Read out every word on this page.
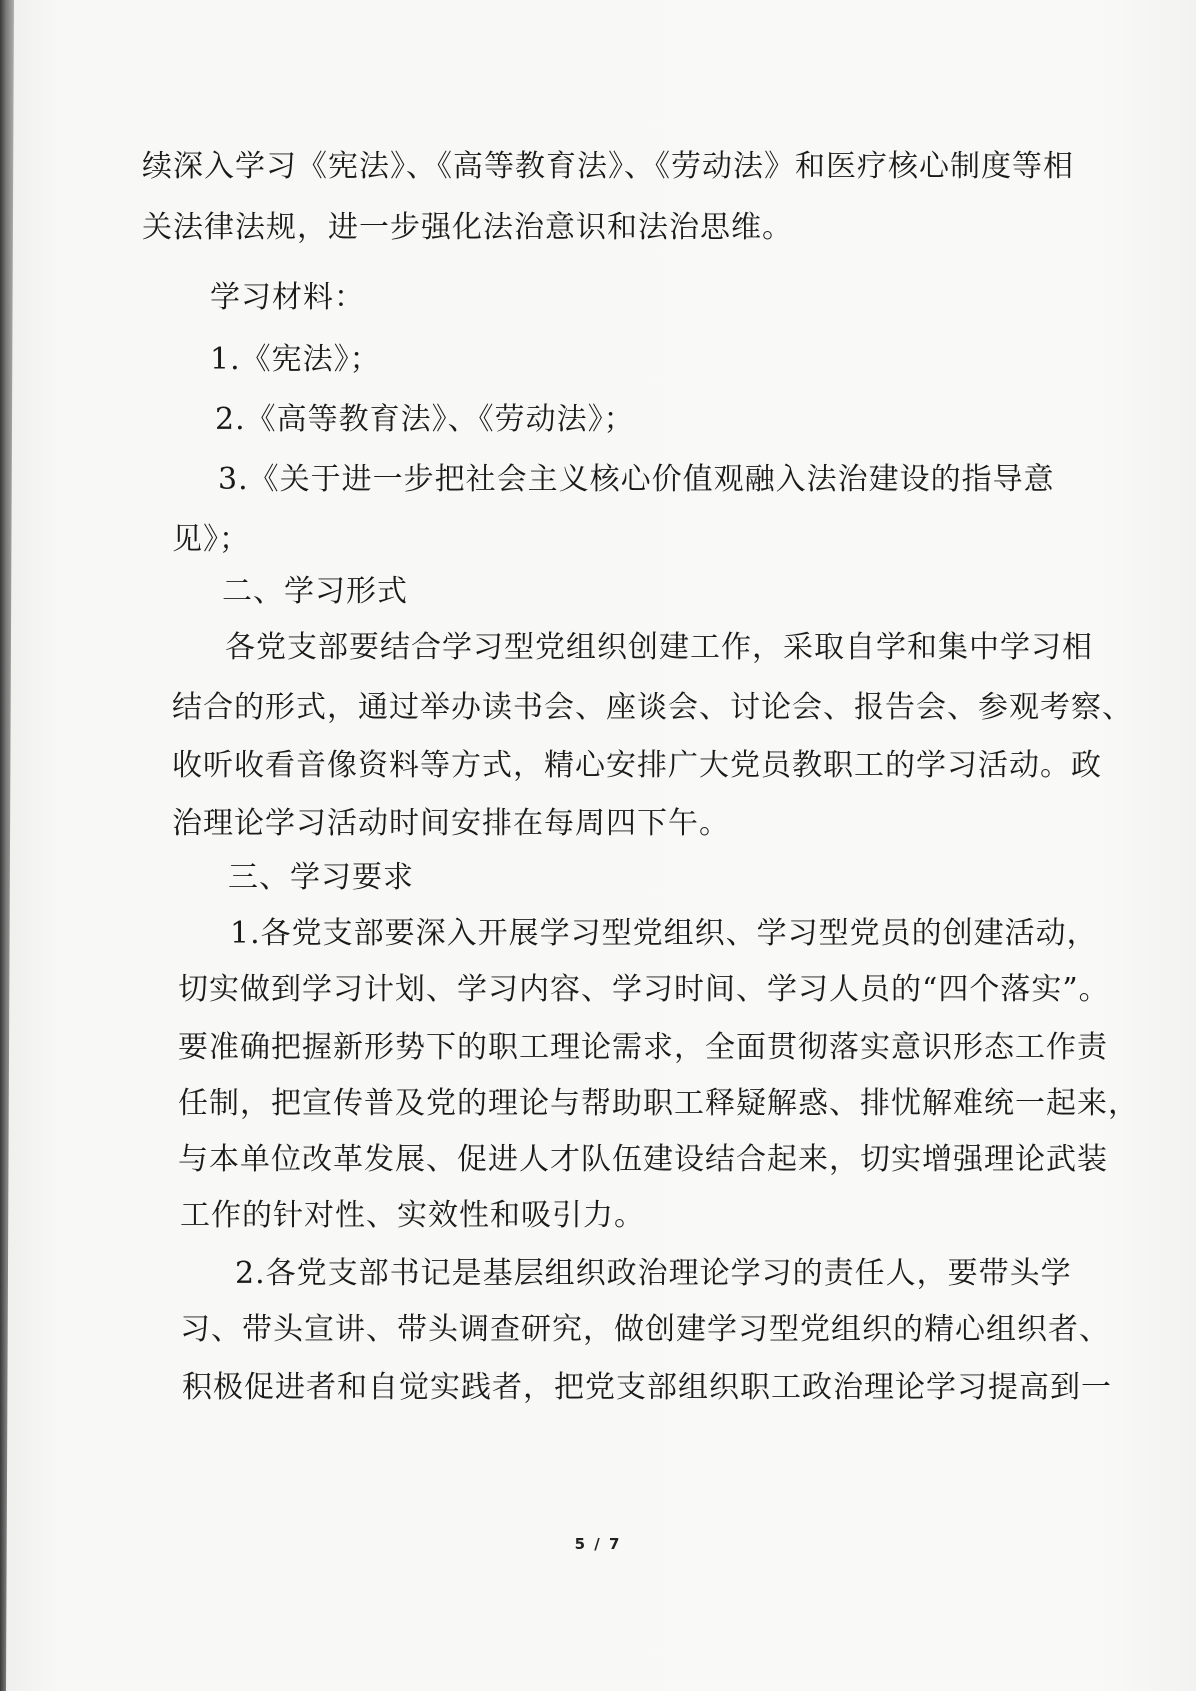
续深入学习《宪法》、《高等教育法》、《劳动法》和医疗核心制度等相
关法律法规，进一步强化法治意识和法治思维。
学习材料：
1.《宪法》；
2.《高等教育法》、《劳动法》；
3.《关于进一步把社会主义核心价值观融入法治建设的指导意
见》；
二、学习形式
各党支部要结合学习型党组织创建工作，采取自学和集中学习相
结合的形式，通过举办读书会、座谈会、讨论会、报告会、参观考察、
收听收看音像资料等方式，精心安排广大党员教职工的学习活动。政
治理论学习活动时间安排在每周四下午。
三、学习要求
1.各党支部要深入开展学习型党组织、学习型党员的创建活动，
切实做到学习计划、学习内容、学习时间、学习人员的“四个落实”。
要准确把握新形势下的职工理论需求，全面贯彻落实意识形态工作责
任制，把宣传普及党的理论与帮助职工释疑解惑、排忧解难统一起来，
与本单位改革发展、促进人才队伍建设结合起来，切实增强理论武装
工作的针对性、实效性和吸引力。
2.各党支部书记是基层组织政治理论学习的责任人，要带头学
习、带头宣讲、带头调查研究，做创建学习型党组织的精心组织者、
积极促进者和自觉实践者，把党支部组织职工政治理论学习提高到一
5 / 7
